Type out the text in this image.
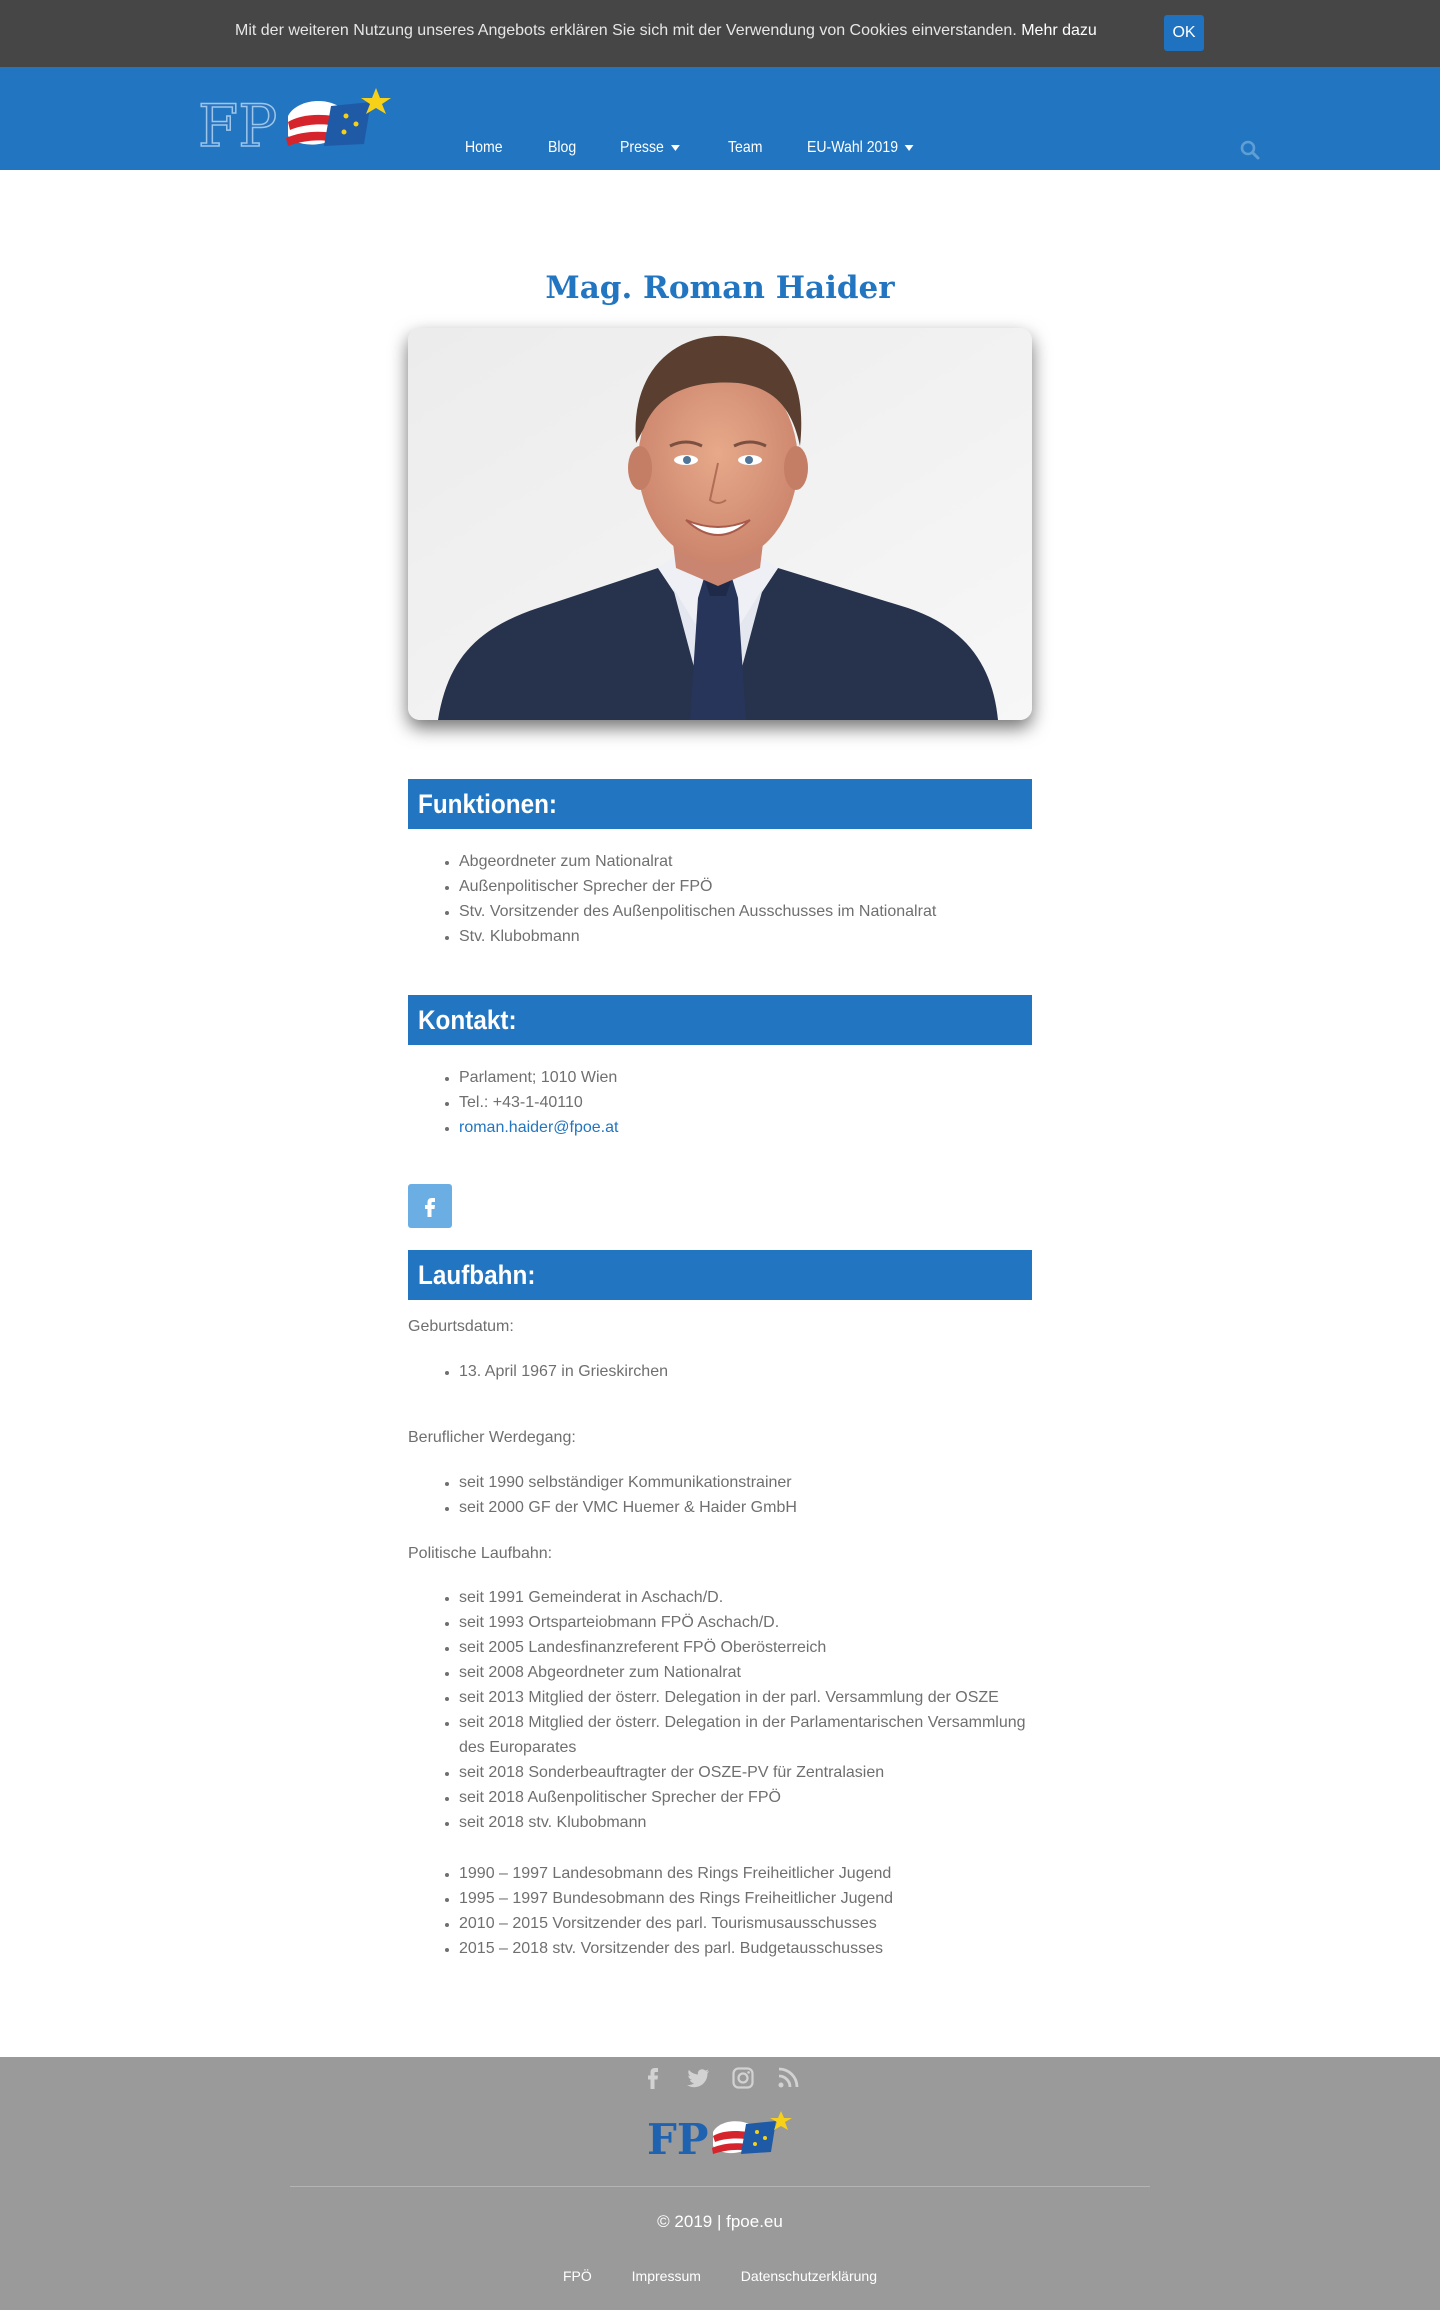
Mit der weiteren Nutzung unseres Angebots erklären Sie sich mit der Verwendung von Cookies einverstanden. Mehr dazu	OK
FP	Home	Blog	Presse	Team	EU-Wahl 2019
Mag. Roman Haider
Funktionen:
• Abgeordneter zum Nationalrat
• Außenpolitischer Sprecher der FPÖ
• Stv. Vorsitzender des Außenpolitischen Ausschusses im Nationalrat
• Stv. Klubobmann
Kontakt:
• Parlament; 1010 Wien
• Tel.: +43-1-40110
• roman.haider@fpoe.at
Laufbahn:
Geburtsdatum:
• 13. April 1967 in Grieskirchen
Beruflicher Werdegang:
• seit 1990 selbständiger Kommunikationstrainer
• seit 2000 GF der VMC Huemer & Haider GmbH
Politische Laufbahn:
• seit 1991 Gemeinderat in Aschach/D.
• seit 1993 Ortsparteiobmann FPÖ Aschach/D.
• seit 2005 Landesfinanzreferent FPÖ Oberösterreich
• seit 2008 Abgeordneter zum Nationalrat
• seit 2013 Mitglied der österr. Delegation in der parl. Versammlung der OSZE
• seit 2018 Mitglied der österr. Delegation in der Parlamentarischen Versammlung des Europarates
• seit 2018 Sonderbeauftragter der OSZE-PV für Zentralasien
• seit 2018 Außenpolitischer Sprecher der FPÖ
• seit 2018 stv. Klubobmann
• 1990 – 1997 Landesobmann des Rings Freiheitlicher Jugend
• 1995 – 1997 Bundesobmann des Rings Freiheitlicher Jugend
• 2010 – 2015 Vorsitzender des parl. Tourismusausschusses
• 2015 – 2018 stv. Vorsitzender des parl. Budgetausschusses
FP
© 2019 | fpoe.eu
FPÖ	Impressum	Datenschutzerklärung
